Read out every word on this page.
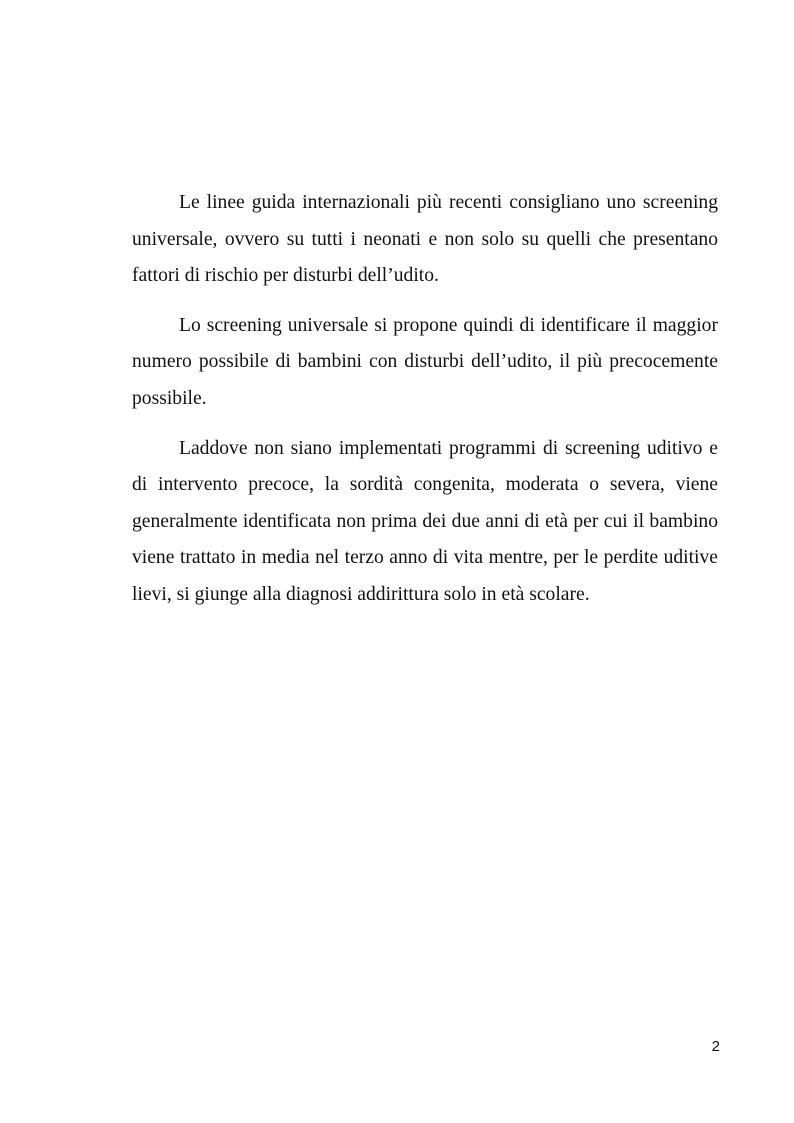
Le linee guida internazionali più recenti consigliano uno screening universale, ovvero su tutti i neonati e non solo su quelli che presentano fattori di rischio per disturbi dell’udito.

Lo screening universale si propone quindi di identificare il maggior numero possibile di bambini con disturbi dell’udito, il più precocemente possibile.

Laddove non siano implementati programmi di screening uditivo e di intervento precoce, la sordità congenita, moderata o severa, viene generalmente identificata non prima dei due anni di età per cui il bambino viene trattato in media nel terzo anno di vita mentre, per le perdite uditive lievi, si giunge alla diagnosi addirittura solo in età scolare.

2
